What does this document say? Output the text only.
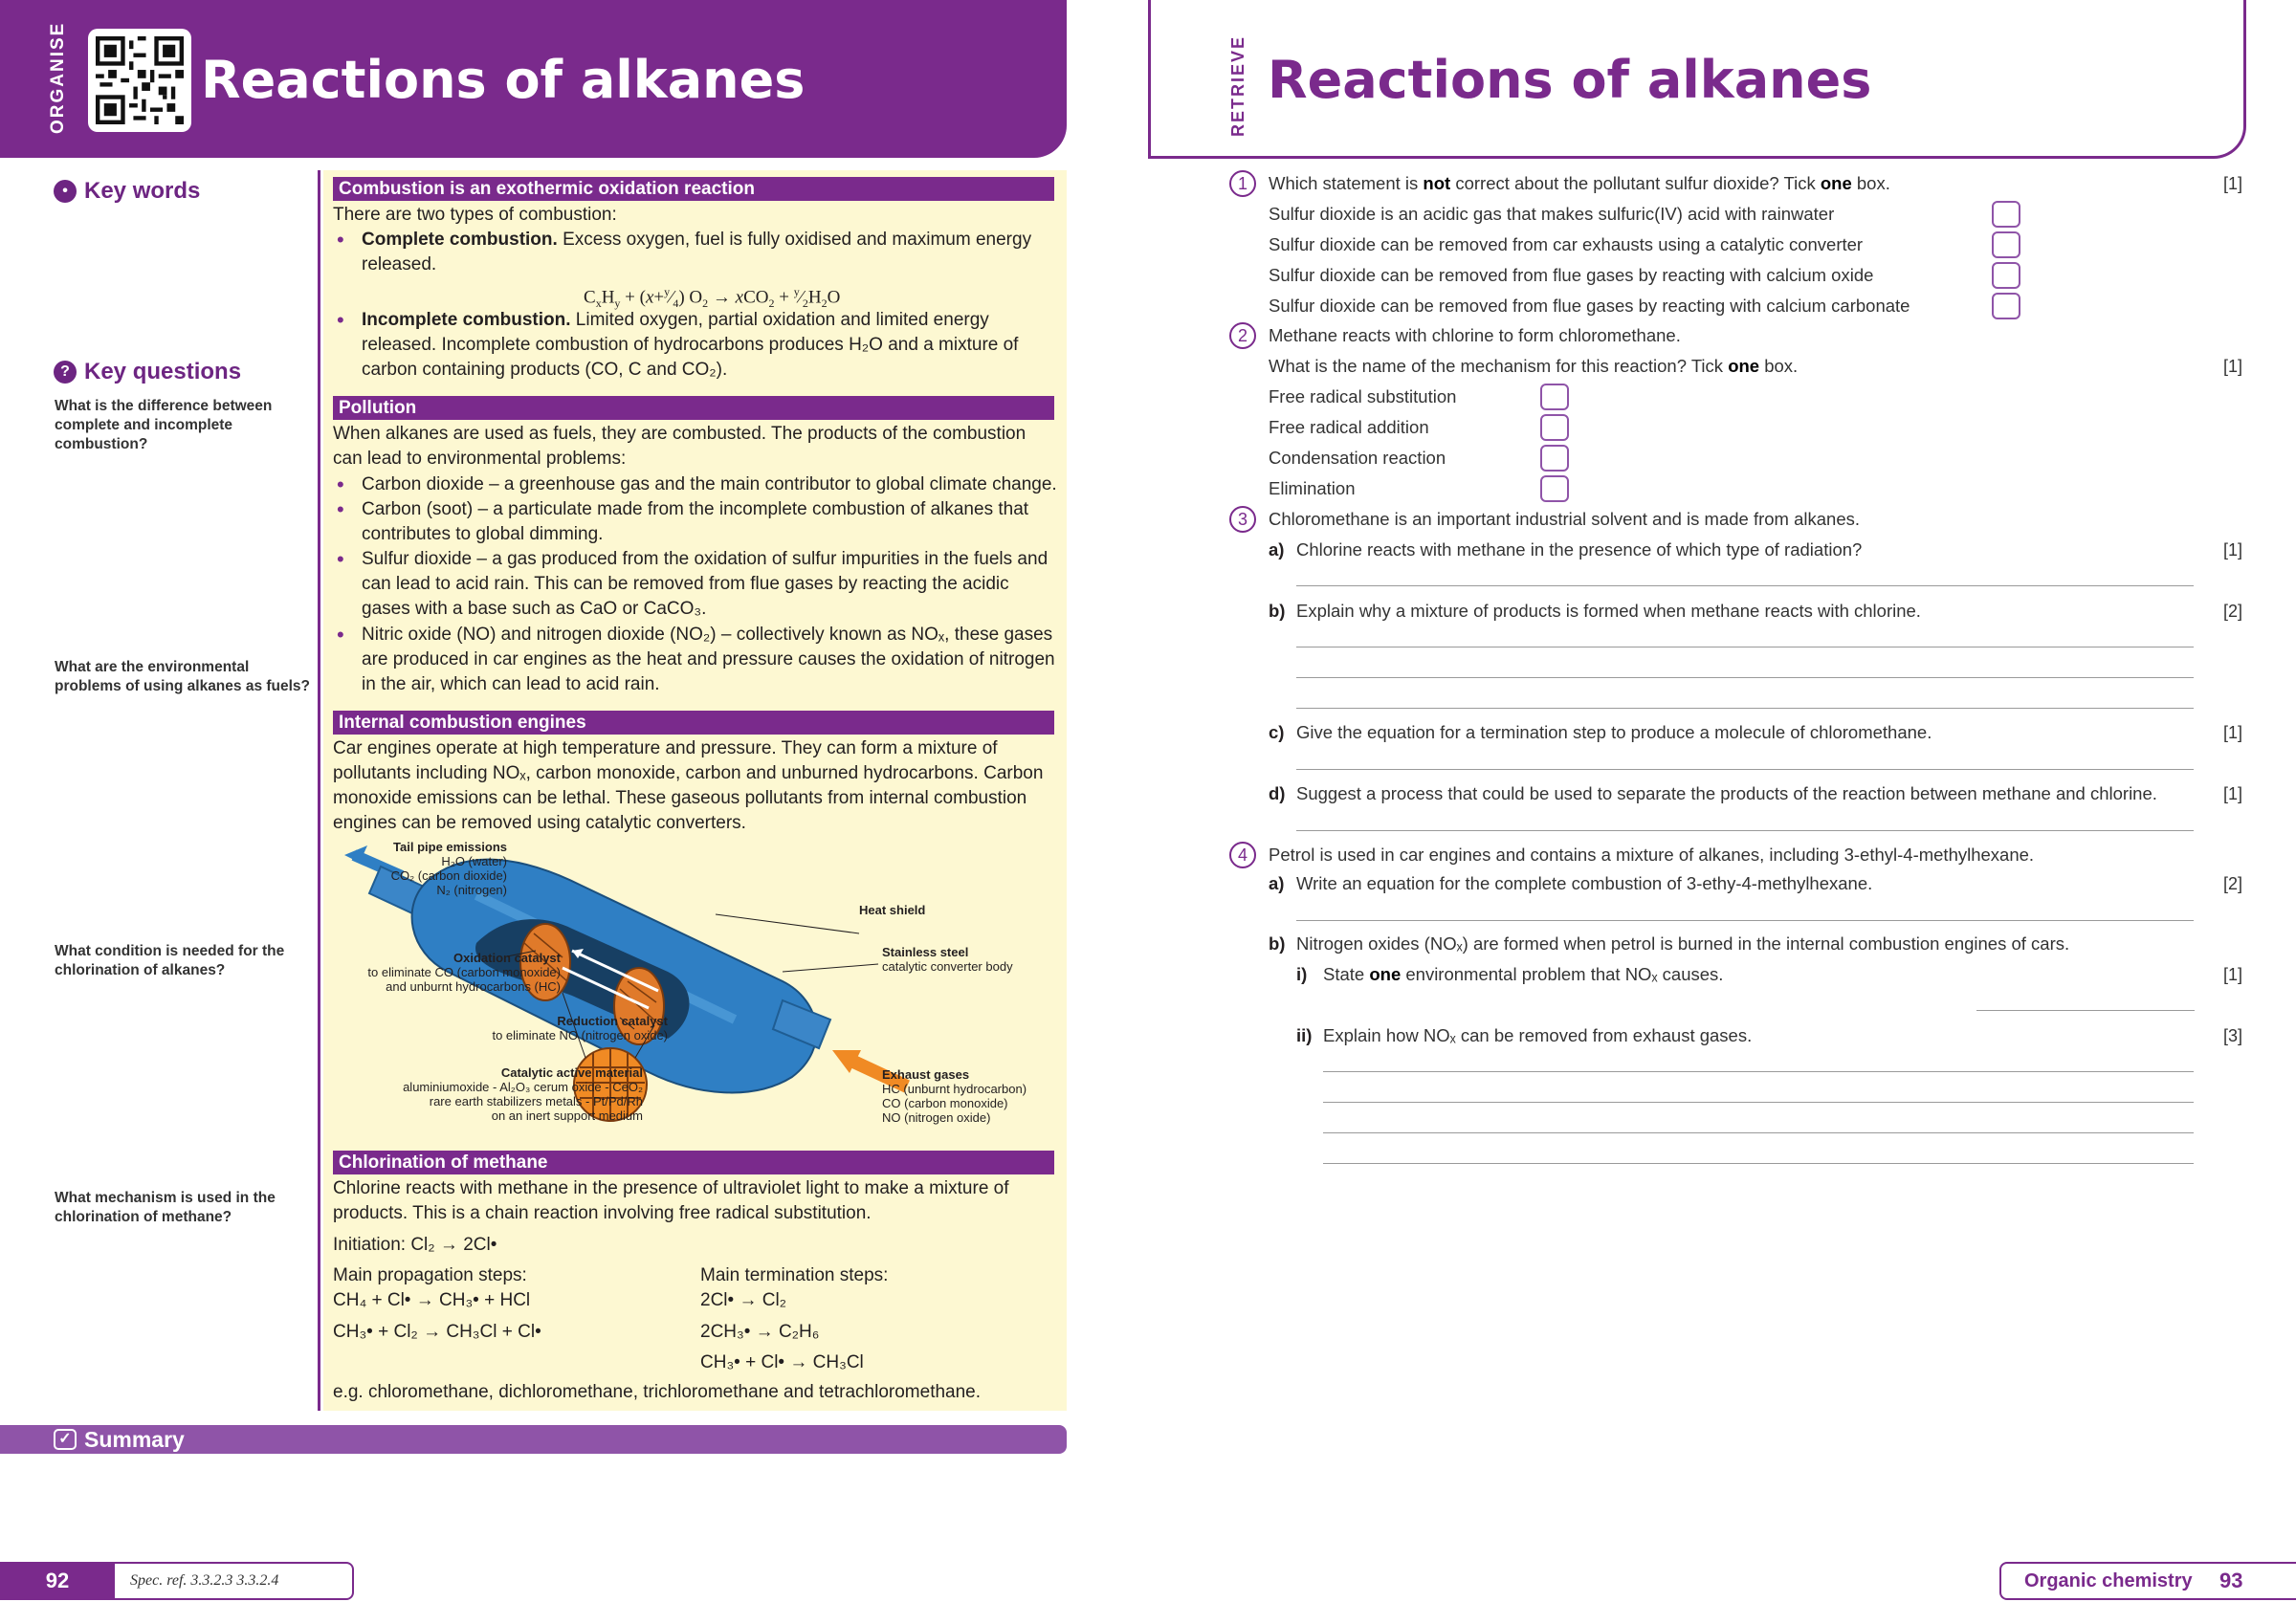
ORGANISE	Reactions of alkanes
• Key words
? Key questions
What is the difference between complete and incomplete combustion?
What are the environmental problems of using alkanes as fuels?
What condition is needed for the chlorination of alkanes?
What mechanism is used in the chlorination of methane?
Combustion is an exothermic oxidation reaction
There are two types of combustion:
• Complete combustion. Excess oxygen, fuel is fully oxidised and maximum energy released.
$C_xH_y$ + $(x+^y⁄_4) O_2 \to xCO_2$ + $^y⁄_2H_2O$
• Incomplete combustion. Limited oxygen, partial oxidation and limited energy released. Incomplete combustion of hydrocarbons produces H₂O and a mixture of carbon containing products (CO, C and CO₂).
Pollution
When alkanes are used as fuels, they are combusted. The products of the combustion can lead to environmental problems:
• Carbon dioxide – a greenhouse gas and the main contributor to global climate change.
• Carbon (soot) – a particulate made from the incomplete combustion of alkanes that contributes to global dimming.
• Sulfur dioxide – a gas produced from the oxidation of sulfur impurities in the fuels and can lead to acid rain. This can be removed from flue gases by reacting the acidic gases with a base such as CaO or CaCO₃.
• Nitric oxide (NO) and nitrogen dioxide (NO₂) – collectively known as NOₓ, these gases are produced in car engines as the heat and pressure causes the oxidation of nitrogen in the air, which can lead to acid rain.
Internal combustion engines
Car engines operate at high temperature and pressure. They can form a mixture of pollutants including NOₓ, carbon monoxide, carbon and unburned hydrocarbons. Carbon monoxide emissions can be lethal. These gaseous pollutants from internal combustion engines can be removed using catalytic converters.
Tail pipe emissions
H₂O (water)
CO₂ (carbon dioxide)
N₂ (nitrogen)
Heat shield
Stainless steel
catalytic converter body
Oxidation catalyst
to eliminate CO (carbon monoxide)
and unburnt hydrocarbons (HC)
Reduction catalyst
to eliminate NO (nitrogen oxide)
Catalytic active material
aluminiumoxide - Al₂O₃ cerum oxide - CeO₂
rare earth stabilizers metals - Pt/Pd/Rh
on an inert support medium
Exhaust gases
HC (unburnt hydrocarbon)
CO (carbon monoxide)
NO (nitrogen oxide)
Chlorination of methane
Chlorine reacts with methane in the presence of ultraviolet light to make a mixture of products. This is a chain reaction involving free radical substitution.
Initiation: Cl₂ → 2Cl•
Main propagation steps:
CH₄ + Cl• → CH₃• + HCl
CH₃• + Cl₂ → CH₃Cl + Cl•
Main termination steps:
2Cl• → Cl₂
2CH₃• → C₂H₆
CH₃• + Cl• → CH₃Cl
e.g. chloromethane, dichloromethane, trichloromethane and tetrachloromethane.
✓ Summary
92	Spec. ref. 3.3.2.3 3.3.2.4
RETRIEVE Reactions of alkanes
1	Which statement is not correct about the pollutant sulfur dioxide? Tick one box.	[1]
Sulfur dioxide is an acidic gas that makes sulfuric(IV) acid with rainwater
Sulfur dioxide can be removed from car exhausts using a catalytic converter
Sulfur dioxide can be removed from flue gases by reacting with calcium oxide
Sulfur dioxide can be removed from flue gases by reacting with calcium carbonate
2	Methane reacts with chlorine to form chloromethane.
What is the name of the mechanism for this reaction? Tick one box.	[1]
Free radical substitution
Free radical addition
Condensation reaction
Elimination
3	Chloromethane is an important industrial solvent and is made from alkanes.
a) Chlorine reacts with methane in the presence of which type of radiation?	[1]
b) Explain why a mixture of products is formed when methane reacts with chlorine.	[2]
c) Give the equation for a termination step to produce a molecule of chloromethane.	[1]
d) Suggest a process that could be used to separate the products of the reaction between methane and chlorine.	[1]
4	Petrol is used in car engines and contains a mixture of alkanes, including 3-ethyl-4-methylhexane.
a) Write an equation for the complete combustion of 3-ethy-4-methylhexane.	[2]
b) Nitrogen oxides (NOₓ) are formed when petrol is burned in the internal combustion engines of cars.
i) State one environmental problem that NOₓ causes.	[1]
ii) Explain how NOₓ can be removed from exhaust gases.	[3]
Organic chemistry 93
